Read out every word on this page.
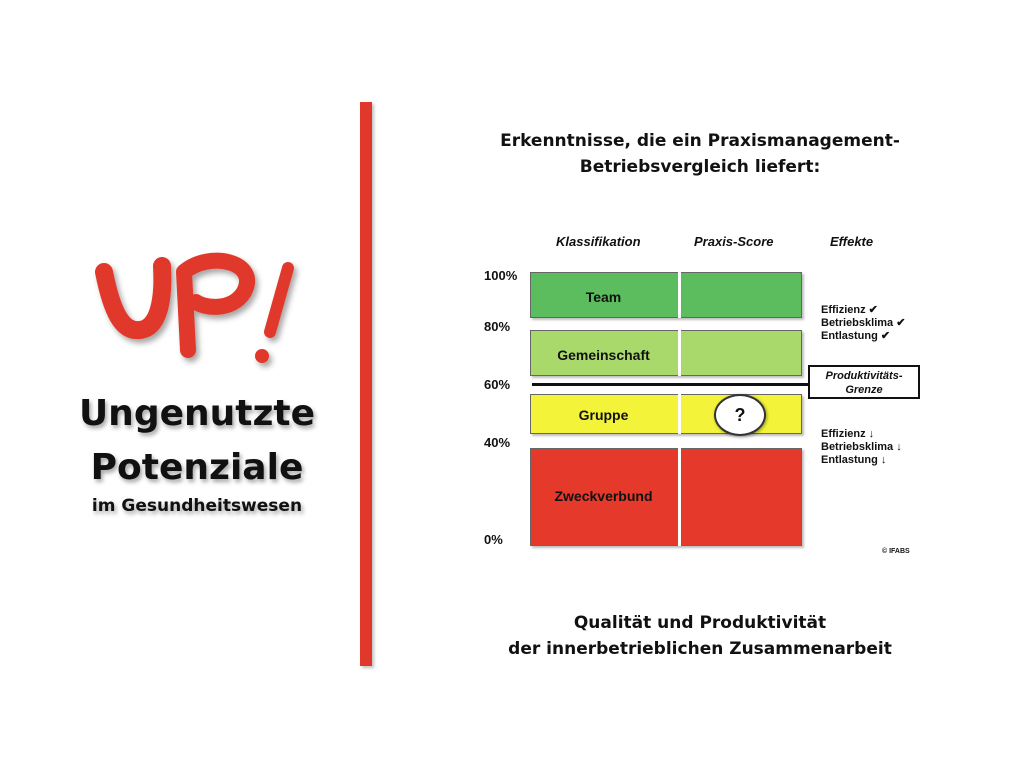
Ungenutzte
Potenziale
im Gesundheitswesen
Erkenntnisse, die ein Praxismanagement-
Betriebsvergleich liefert:
Klassifikation	Praxis-Score	Effekte
100%
80%
60%
40%
0%
Team
Gemeinschaft
Gruppe
Zweckverbund
?
Effizienz ✔
Betriebsklima ✔
Entlastung ✔
Produktivitäts-
Grenze
Effizienz ↓
Betriebsklima ↓
Entlastung ↓
© IFABS
Qualität und Produktivität
der innerbetrieblichen Zusammenarbeit
